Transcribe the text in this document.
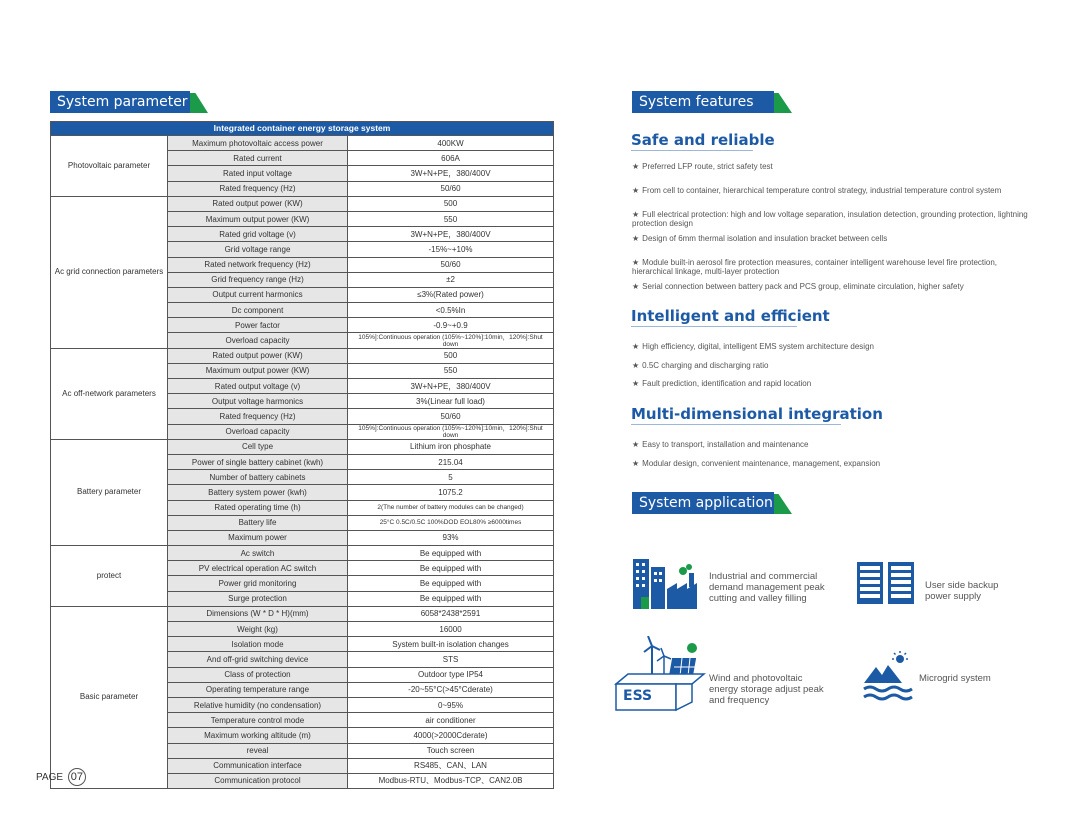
System parameter
Integrated container energy storage system		
Photovoltaic parameter	Maximum photovoltaic access power	400KW
	Rated current	606A
	Rated input voltage	3W+N+PE，380/400V
	Rated frequency (Hz)	50/60
Ac grid connection parameters	Rated output power (KW)	500
	Maximum output power (KW)	550
	Rated grid voltage (v)	3W+N+PE，380/400V
	Grid voltage range	-15%~+10%
	Rated network frequency (Hz)	50/60
	Grid frequency range (Hz)	±2
	Output current harmonics	≤3%(Rated power)
	Dc component	<0.5%In
	Power factor	-0.9~+0.9
	Overload capacity	105%]:Continuous operation (105%~120%]:10min，120%]:Shut down
Ac off-network parameters	Rated output power (KW)	500
	Maximum output power (KW)	550
	Rated output voltage (v)	3W+N+PE，380/400V
	Output voltage harmonics	3%(Linear full load)
	Rated frequency (Hz)	50/60
	Overload capacity	105%]:Continuous operation (105%~120%]:10min，120%]:Shut down
Battery parameter	Cell type	Lithium iron phosphate
	Power of single battery cabinet (kwh)	215.04
	Number of battery cabinets	5
	Battery system power (kwh)	1075.2
	Rated operating time (h)	2(The number of battery modules can be changed)
	Battery life	25°C 0.5C/0.5C 100%DOD EOL80% ≥6000times
	Maximum power	93%
protect	Ac switch	Be equipped with
	PV electrical operation AC switch	Be equipped with
	Power grid monitoring	Be equipped with
	Surge protection	Be equipped with
Basic parameter	Dimensions (W * D * H)(mm)	6058*2438*2591
	Weight (kg)	16000
	Isolation mode	System built-in isolation changes
	And off-grid switching device	STS
	Class of protection	Outdoor type IP54
	Operating temperature range	-20~55°C(>45°Cderate)
	Relative humidity (no condensation)	0~95%
	Temperature control mode	air conditioner
	Maximum working altitude (m)	4000(>2000Cderate)
	reveal	Touch screen
	Communication interface	RS485、CAN、LAN
	Communication protocol	Modbus-RTU、Modbus-TCP、CAN2.0B
PAGE 07
System features
Safe and reliable
★ Preferred LFP route, strict safety test
★ From cell to container, hierarchical temperature control strategy, industrial temperature control system
★ Full electrical protection: high and low voltage separation, insulation detection, grounding protection, lightning protection design
★ Design of 6mm thermal isolation and insulation bracket between cells
★ Module built-in aerosol fire protection measures, container intelligent warehouse level fire protection, hierarchical linkage, multi-layer protection
★ Serial connection between battery pack and PCS group, eliminate circulation, higher safety
Intelligent and efficient
★ High efficiency, digital, intelligent EMS system architecture design
★ 0.5C charging and discharging ratio
★ Fault prediction, identification and rapid location
Multi-dimensional integration
★ Easy to transport, installation and maintenance
★ Modular design, convenient maintenance, management, expansion
System application
Industrial and commercial demand management peak cutting and valley filling
User side backup power supply
ESS
Wind and photovoltaic energy storage adjust peak and frequency
Microgrid system
